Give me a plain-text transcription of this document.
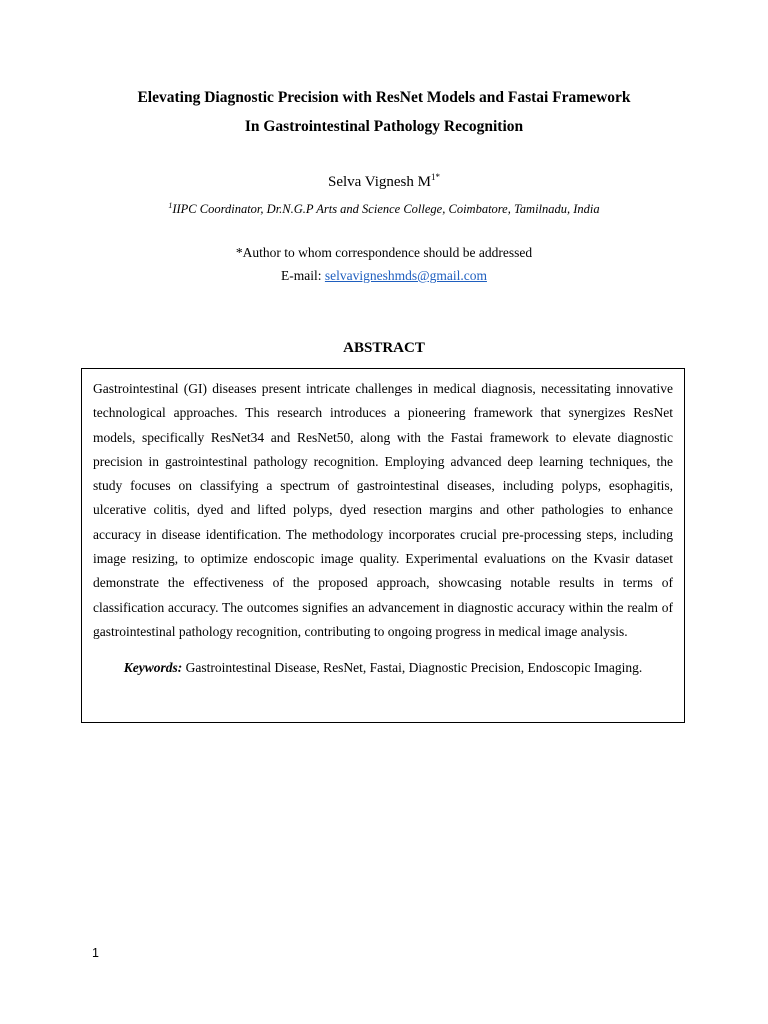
Elevating Diagnostic Precision with ResNet Models and Fastai Framework
In Gastrointestinal Pathology Recognition
Selva Vignesh $M^{1*}$
$^1$IIPC Coordinator, Dr.N.G.P Arts and Science College, Coimbatore, Tamilnadu, India
*Author to whom correspondence should be addressed
E-mail: selvavigneshmds@gmail.com
ABSTRACT

Gastrointestinal (GI) diseases present intricate challenges in medical diagnosis, necessitating innovative technological approaches. This research introduces a pioneering framework that synergizes ResNet models, specifically ResNet34 and ResNet50, along with the Fastai framework to elevate diagnostic precision in gastrointestinal pathology recognition. Employing advanced deep learning techniques, the study focuses on classifying a spectrum of gastrointestinal diseases, including polyps, esophagitis, ulcerative colitis, dyed and lifted polyps, dyed resection margins and other pathologies to enhance accuracy in disease identification. The methodology incorporates crucial pre-processing steps, including image resizing, to optimize endoscopic image quality. Experimental evaluations on the Kvasir dataset demonstrate the effectiveness of the proposed approach, showcasing notable results in terms of classification accuracy. The outcomes signifies an advancement in diagnostic accuracy within the realm of gastrointestinal pathology recognition, contributing to ongoing progress in medical image analysis.

Keywords: Gastrointestinal Disease, ResNet, Fastai, Diagnostic Precision, Endoscopic Imaging.

1
